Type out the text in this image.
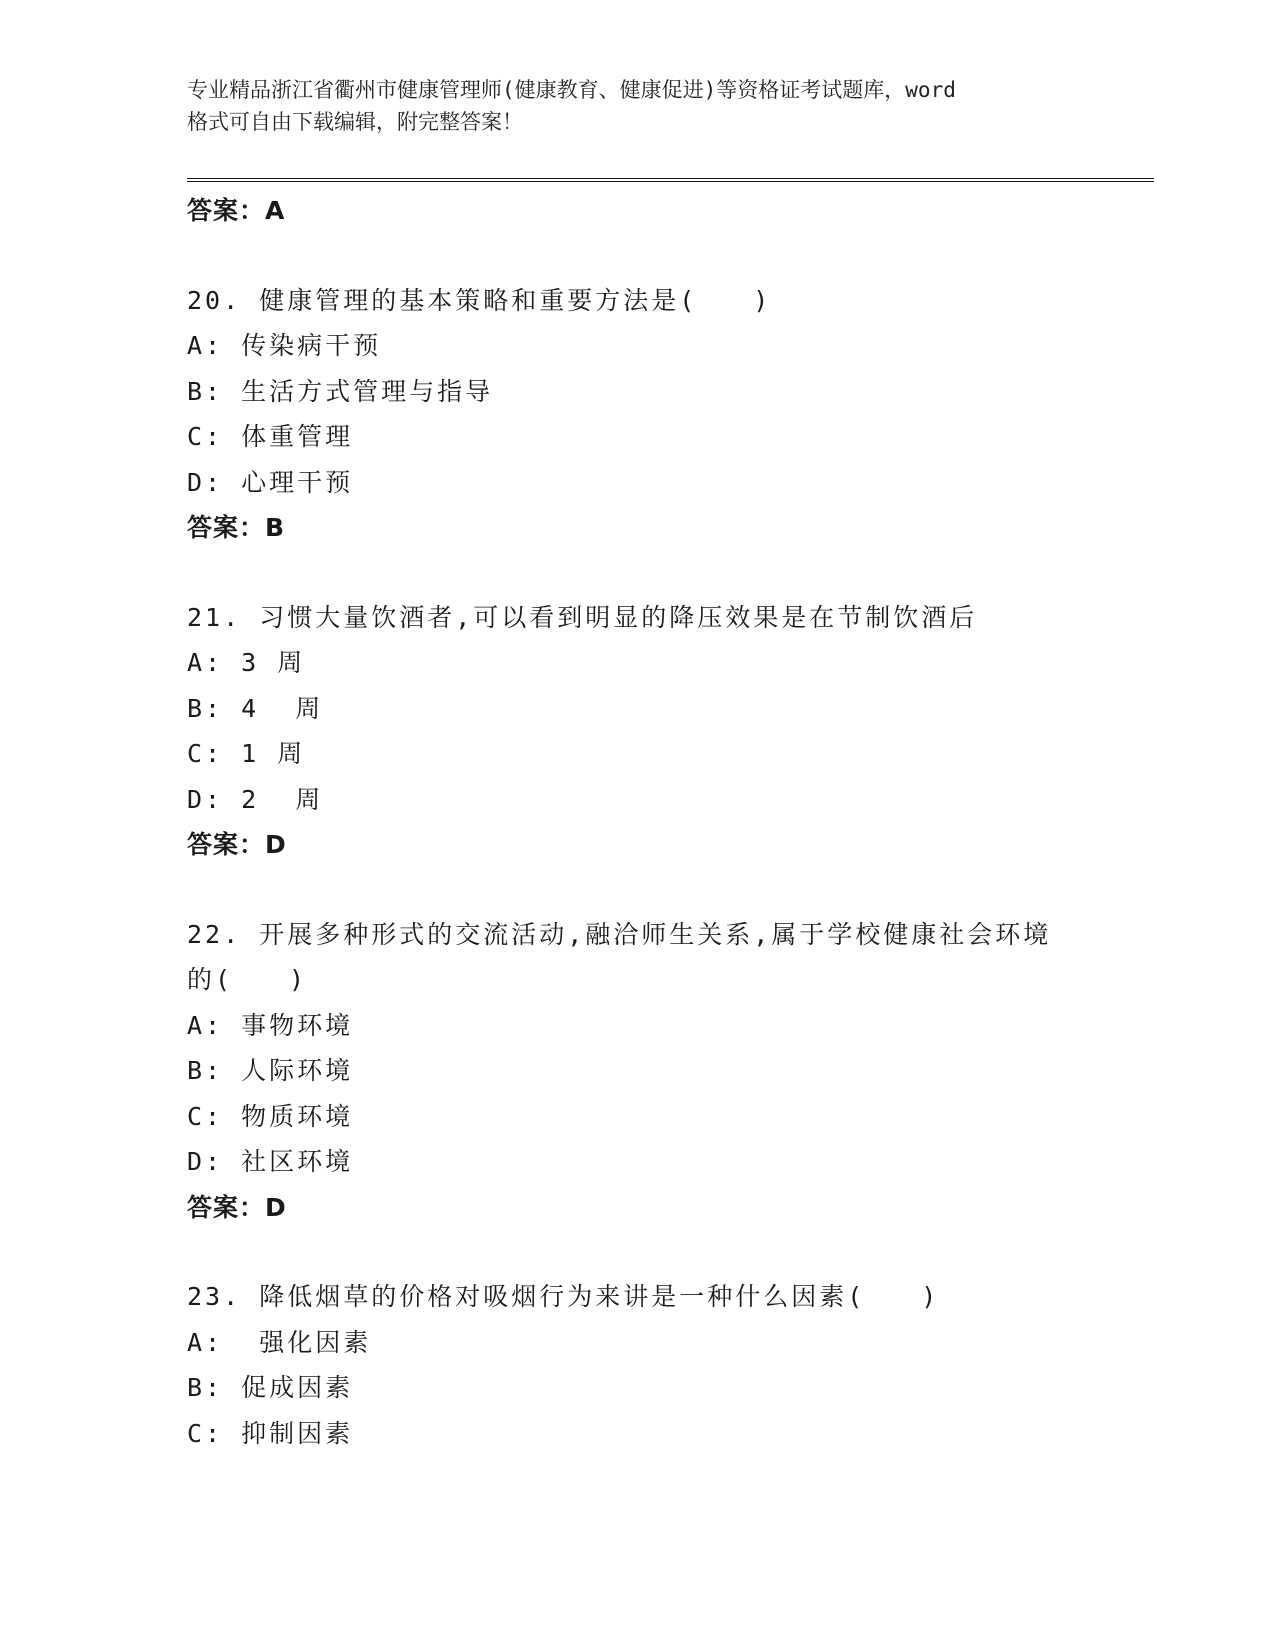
专业精品浙江省衢州市健康管理师(健康教育、健康促进)等资格证考试题库，word
格式可自由下载编辑，附完整答案！
答案：A
20. 健康管理的基本策略和重要方法是(　　)
A: 传染病干预
B: 生活方式管理与指导
C: 体重管理
D: 心理干预
答案：B
21. 习惯大量饮酒者,可以看到明显的降压效果是在节制饮酒后
A: 3 周
B: 4  周
C: 1 周
D: 2  周
答案：D
22. 开展多种形式的交流活动,融洽师生关系,属于学校健康社会环境
的(　　)
A: 事物环境
B: 人际环境
C: 物质环境
D: 社区环境
答案：D
23. 降低烟草的价格对吸烟行为来讲是一种什么因素(　　)
A:  强化因素
B: 促成因素
C: 抑制因素
